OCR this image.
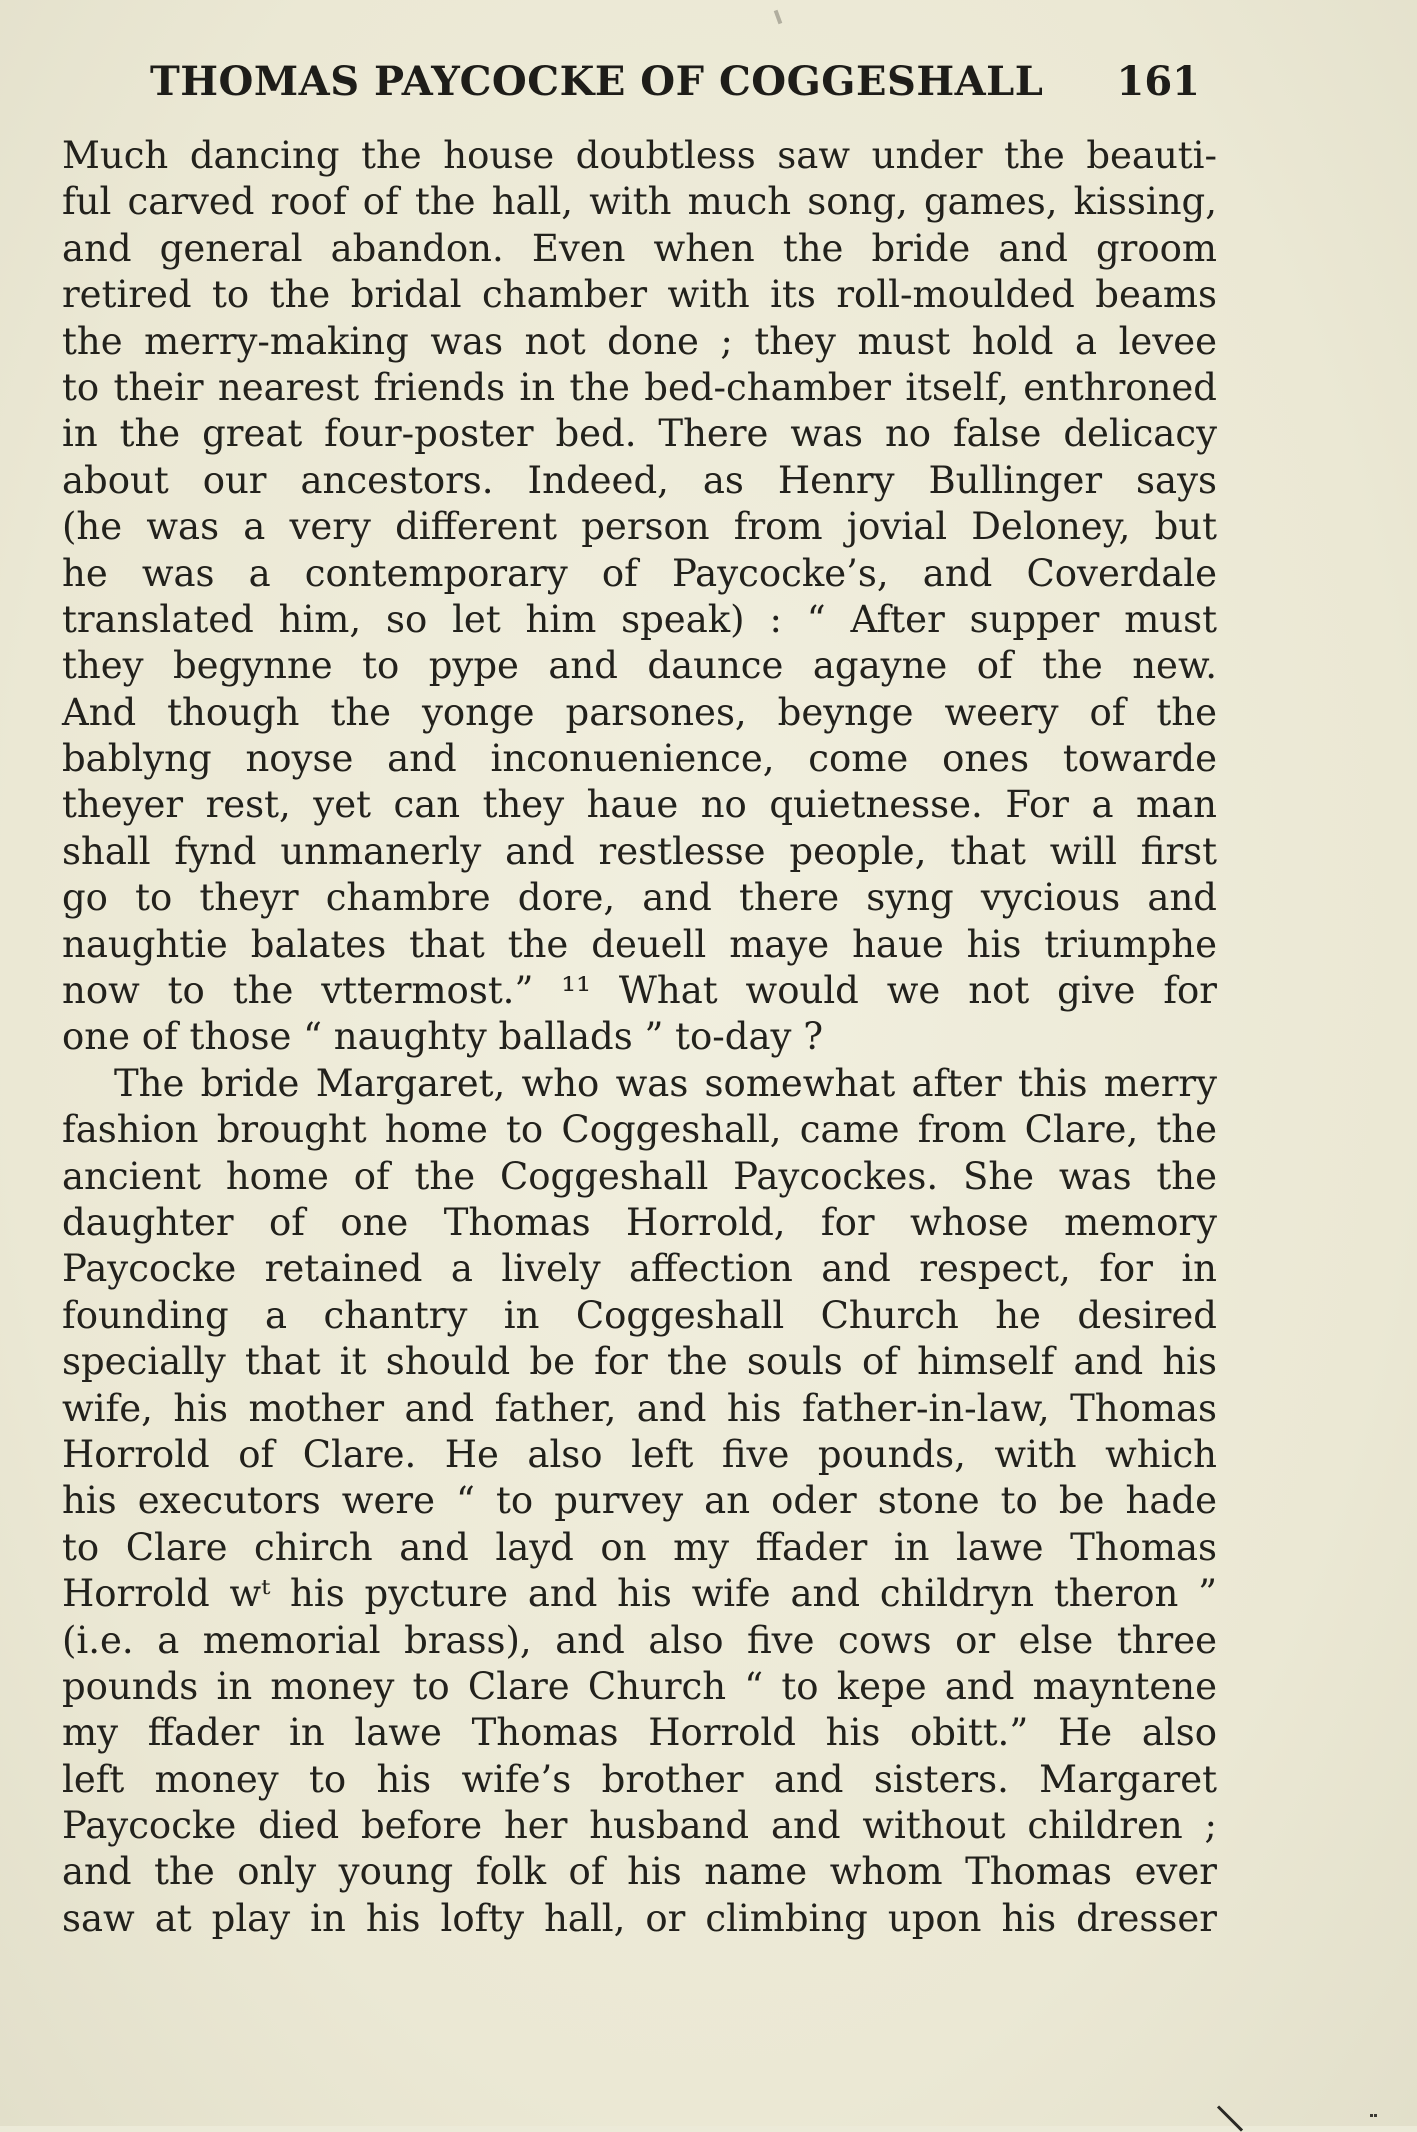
THOMAS PAYCOCKE OF COGGESHALL 161
Much dancing the house doubtless saw under the beauti-
ful carved roof of the hall, with much song, games, kissing,
and general abandon. Even when the bride and groom
retired to the bridal chamber with its roll-moulded beams
the merry-making was not done ; they must hold a levee
to their nearest friends in the bed-chamber itself, enthroned
in the great four-poster bed. There was no false delicacy
about our ancestors. Indeed, as Henry Bullinger says
(he was a very different person from jovial Deloney, but
he was a contemporary of Paycocke’s, and Coverdale
translated him, so let him speak) : “ After supper must
they begynne to pype and daunce agayne of the new.
And though the yonge parsones, beynge weery of the
bablyng noyse and inconuenience, come ones towarde
theyer rest, yet can they haue no quietnesse. For a man
shall fynd unmanerly and restlesse people, that will first
go to theyr chambre dore, and there syng vycious and
naughtie balates that the deuell maye haue his triumphe
now to the vttermost.” ¹¹ What would we not give for
one of those “ naughty ballads ” to-day ?
The bride Margaret, who was somewhat after this merry
fashion brought home to Coggeshall, came from Clare, the
ancient home of the Coggeshall Paycockes. She was the
daughter of one Thomas Horrold, for whose memory
Paycocke retained a lively affection and respect, for in
founding a chantry in Coggeshall Church he desired
specially that it should be for the souls of himself and his
wife, his mother and father, and his father-in-law, Thomas
Horrold of Clare. He also left five pounds, with which
his executors were “ to purvey an oder stone to be hade
to Clare chirch and layd on my ffader in lawe Thomas
Horrold wᵗ his pycture and his wife and childryn theron ”
(i.e. a memorial brass), and also five cows or else three
pounds in money to Clare Church “ to kepe and mayntene
my ffader in lawe Thomas Horrold his obitt.” He also
left money to his wife’s brother and sisters. Margaret
Paycocke died before her husband and without children ;
and the only young folk of his name whom Thomas ever
saw at play in his lofty hall, or climbing upon his dresser
